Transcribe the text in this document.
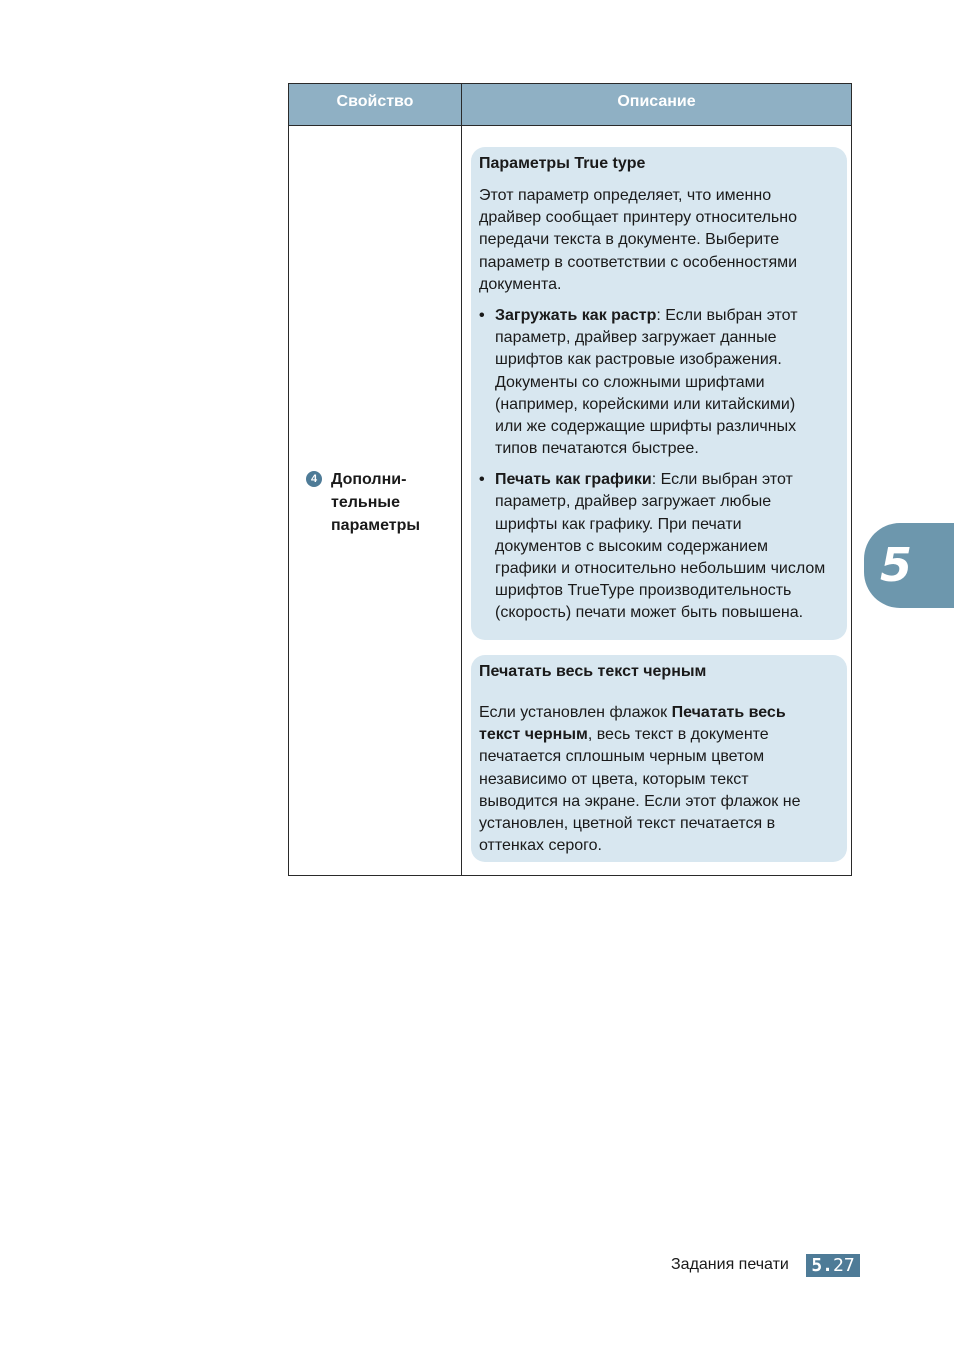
Свойство	Описание
4 Дополни-
тельные
параметры
Параметры True type
Этот параметр определяет, что именно
драйвер сообщает принтеру относительно
передачи текста в документе. Выберите
параметр в соответствии с особенностями
документа.
• Загружать как растр: Если выбран этот
параметр, драйвер загружает данные
шрифтов как растровые изображения.
Документы со сложными шрифтами
(например, корейскими или китайскими)
или же содержащие шрифты различных
типов печатаются быстрее.
• Печать как графики: Если выбран этот
параметр, драйвер загружает любые
шрифты как графику. При печати
документов с высоким содержанием
графики и относительно небольшим числом
шрифтов TrueType производительность
(скорость) печати может быть повышена.
Печатать весь текст черным
Если установлен флажок Печатать весь
текст черным, весь текст в документе
печатается сплошным черным цветом
независимо от цвета, которым текст
выводится на экране. Если этот флажок не
установлен, цветной текст печатается в
оттенках серого.
5
Задания печати 5.27
